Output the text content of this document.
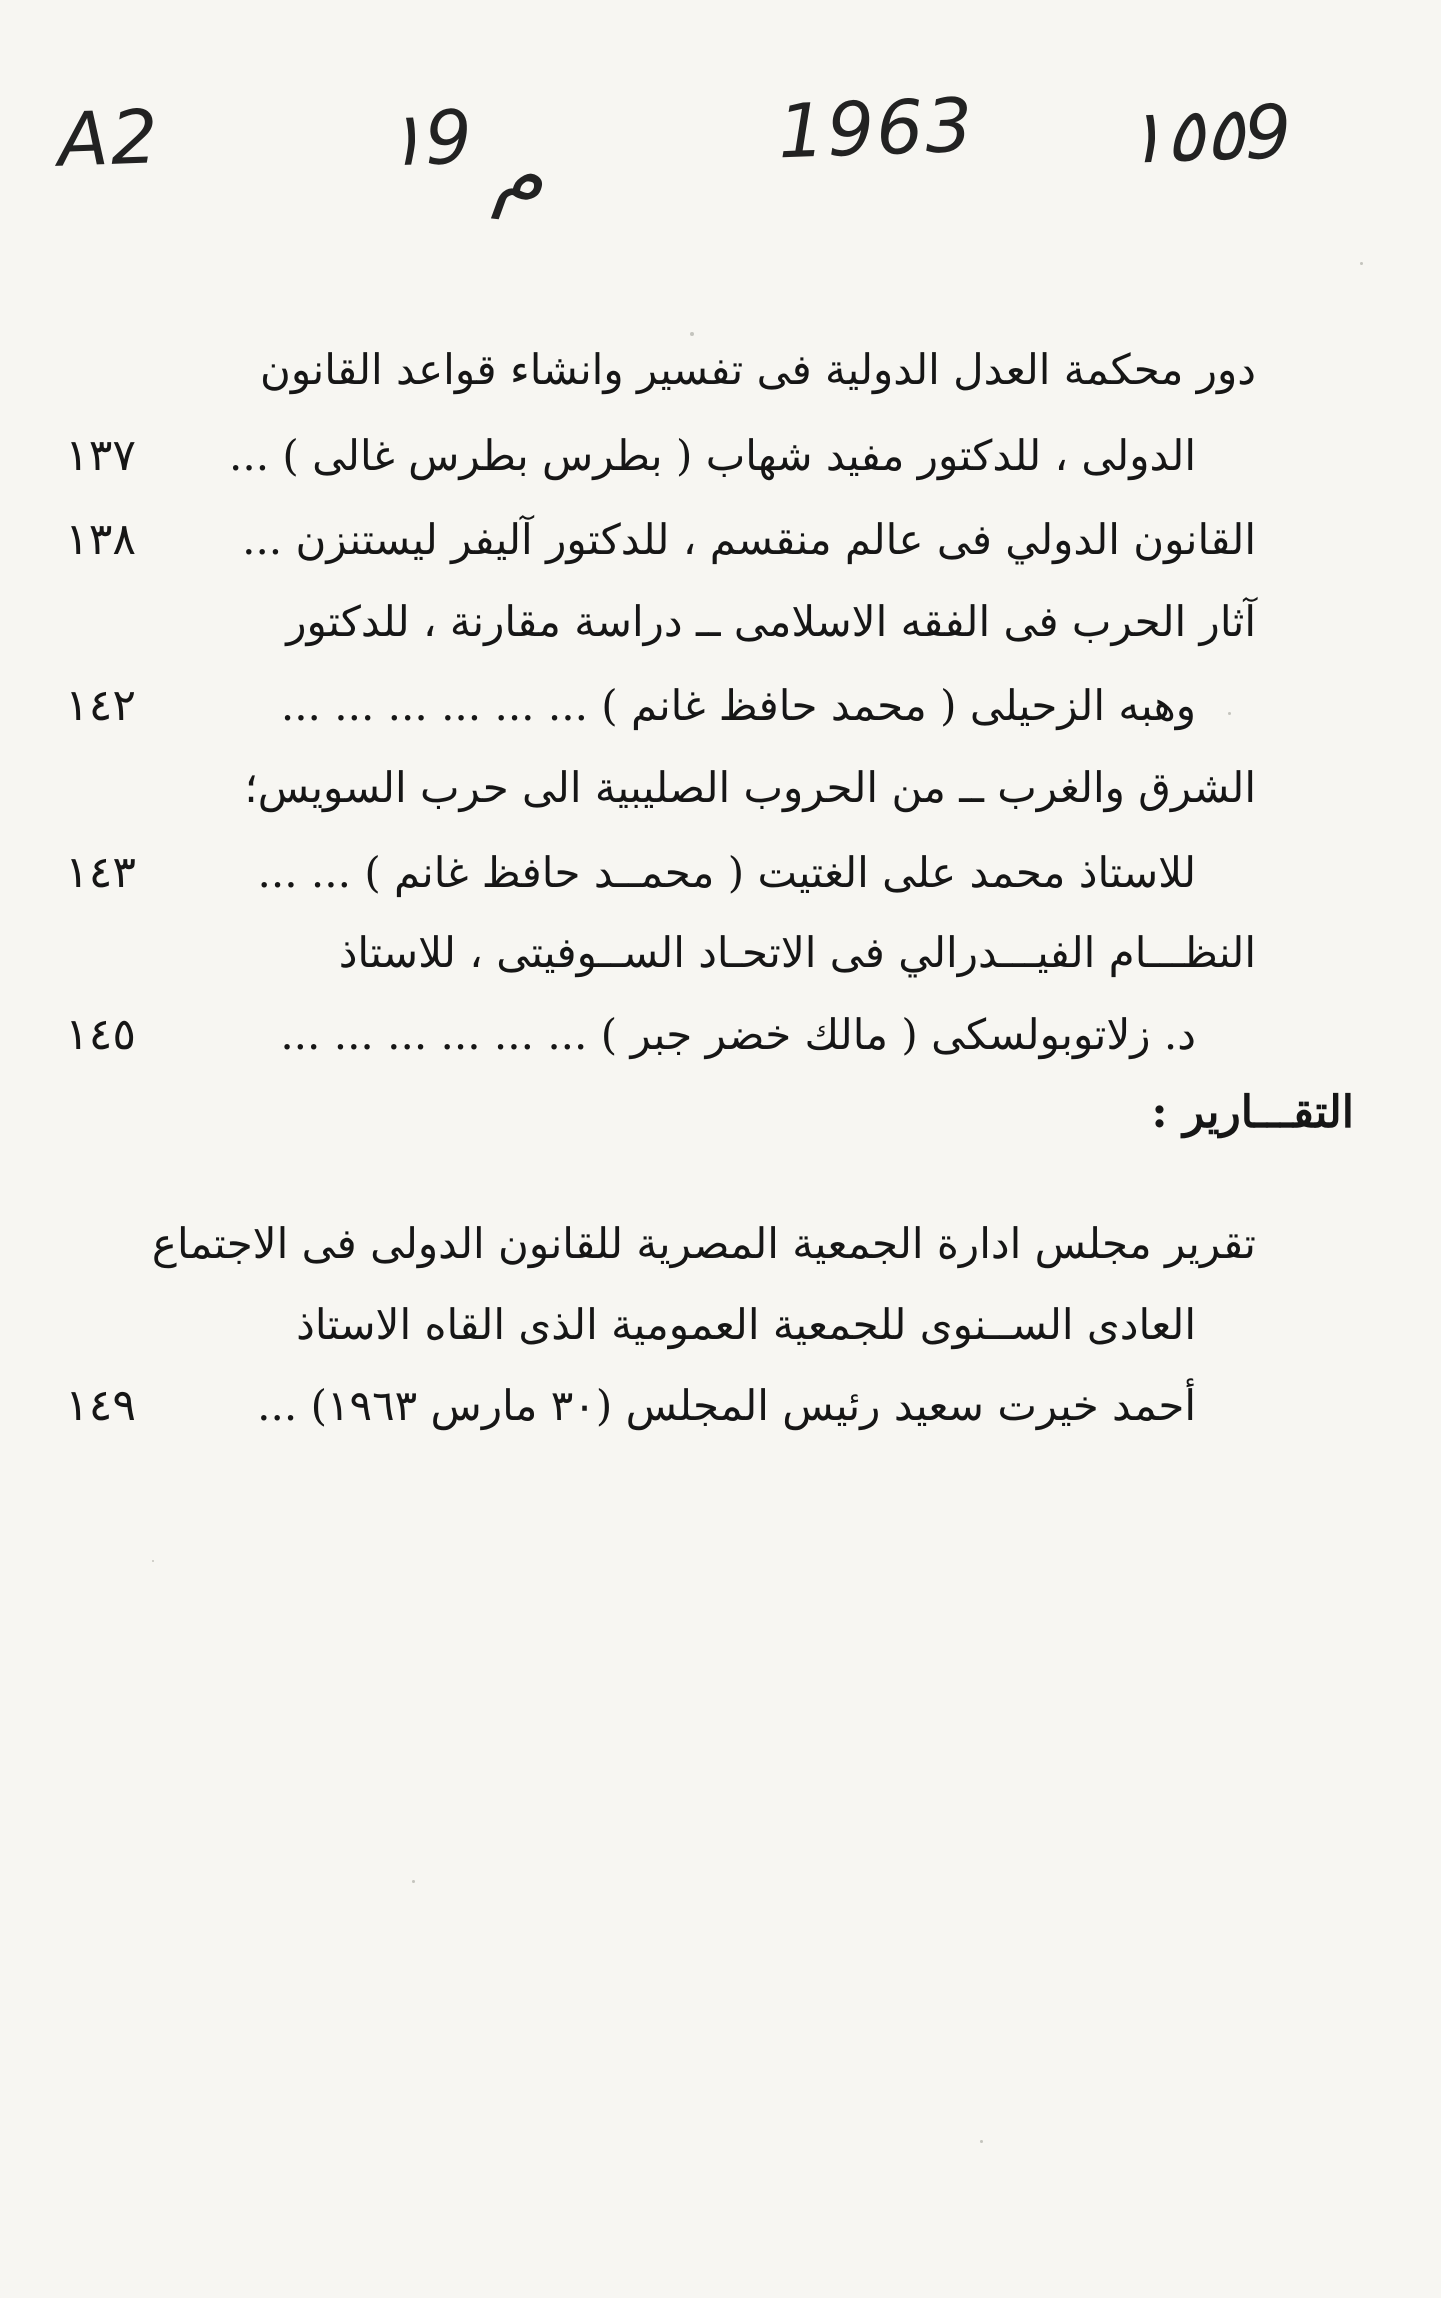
A2	١9 م	1963 ١٥٥9
دور محكمة العدل الدولية فى تفسير وانشاء قواعد القانون
الدولى ، للدكتور مفيد شهاب ( بطرس بطرس غالى ) ...
١٣٧
القانون الدولي فى عالم منقسم ، للدكتور آليفر ليستنزن ...
١٣٨
آثار الحرب فى الفقه الاسلامى ــ دراسة مقارنة ، للدكتور
وهبه الزحيلى ( محمد حافظ غانم ) ... ... ... ... ... ...
١٤٢
الشرق والغرب ــ من الحروب الصليبية الى حرب السويس؛
للاستاذ محمد على الغتيت ( محمــد حافظ غانم ) ... ...
١٤٣
النظـــام الفيـــدرالي فى الاتحـاد الســوفيتى ، للاستاذ
د. زلاتوبولسكى ( مالك خضر جبر ) ... ... ... ... ... ...
١٤٥
التقـــارير :
تقرير مجلس ادارة الجمعية المصرية للقانون الدولى فى الاجتماع
العادى الســنوى للجمعية العمومية الذى القاه الاستاذ
أحمد خيرت سعيد رئيس المجلس (٣٠ مارس ١٩٦٣) ...
١٤٩
